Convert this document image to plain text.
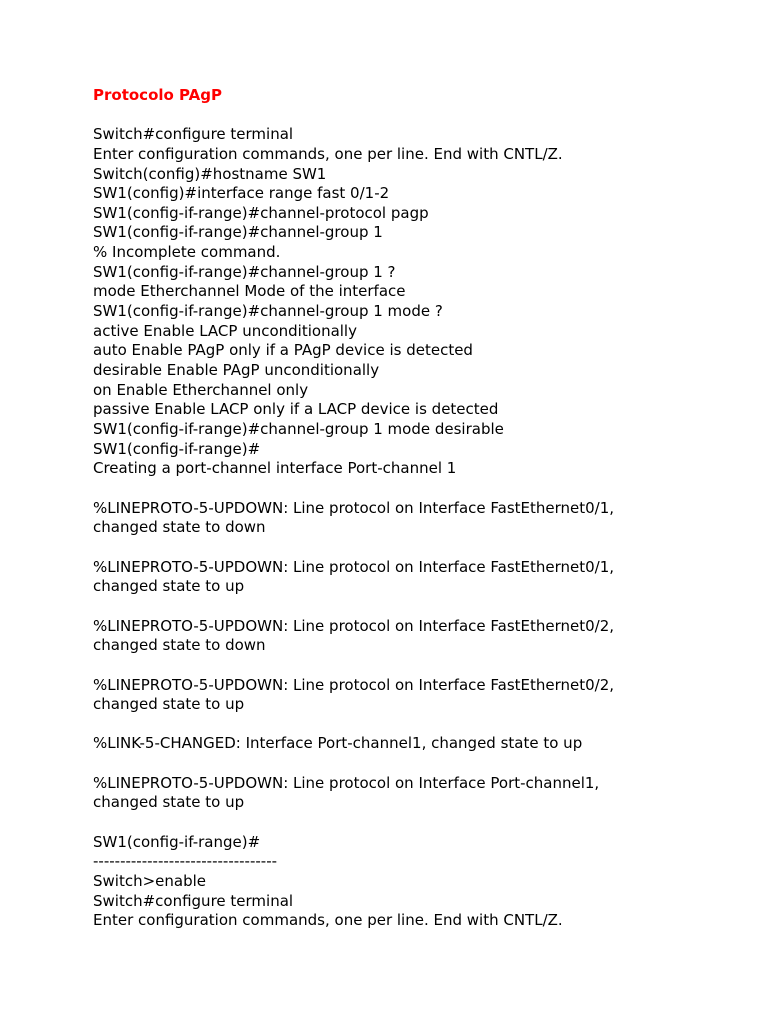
Protocolo PAgP
Switch#configure terminal
Enter configuration commands, one per line. End with CNTL/Z.
Switch(config)#hostname SW1
SW1(config)#interface range fast 0/1-2
SW1(config-if-range)#channel-protocol pagp
SW1(config-if-range)#channel-group 1
% Incomplete command.
SW1(config-if-range)#channel-group 1 ?
mode Etherchannel Mode of the interface
SW1(config-if-range)#channel-group 1 mode ?
active Enable LACP unconditionally
auto Enable PAgP only if a PAgP device is detected
desirable Enable PAgP unconditionally
on Enable Etherchannel only
passive Enable LACP only if a LACP device is detected
SW1(config-if-range)#channel-group 1 mode desirable
SW1(config-if-range)#
Creating a port-channel interface Port-channel 1
%LINEPROTO-5-UPDOWN: Line protocol on Interface FastEthernet0/1,
changed state to down
%LINEPROTO-5-UPDOWN: Line protocol on Interface FastEthernet0/1,
changed state to up
%LINEPROTO-5-UPDOWN: Line protocol on Interface FastEthernet0/2,
changed state to down
%LINEPROTO-5-UPDOWN: Line protocol on Interface FastEthernet0/2,
changed state to up
%LINK-5-CHANGED: Interface Port-channel1, changed state to up
%LINEPROTO-5-UPDOWN: Line protocol on Interface Port-channel1,
changed state to up
SW1(config-if-range)#
----------------------------------
Switch>enable
Switch#configure terminal
Enter configuration commands, one per line. End with CNTL/Z.
